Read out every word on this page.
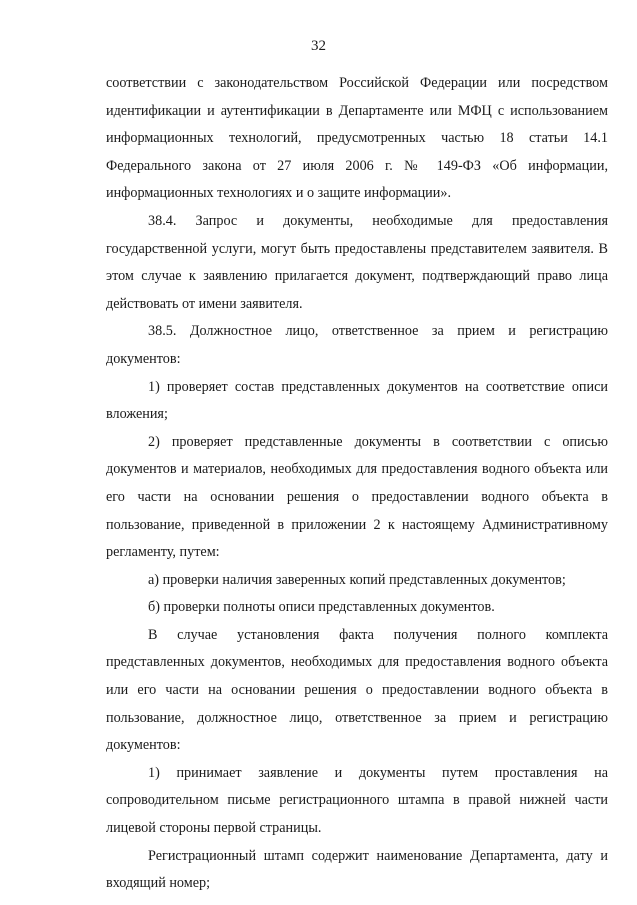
32

соответствии с законодательством Российской Федерации или посредством идентификации и аутентификации в Департаменте или МФЦ с использованием информационных технологий, предусмотренных частью 18 статьи 14.1 Федерального закона от 27 июля 2006 г. № 149-ФЗ «Об информации, информационных технологиях и о защите информации».

38.4. Запрос и документы, необходимые для предоставления государственной услуги, могут быть предоставлены представителем заявителя. В этом случае к заявлению прилагается документ, подтверждающий право лица действовать от имени заявителя.

38.5. Должностное лицо, ответственное за прием и регистрацию документов:

1) проверяет состав представленных документов на соответствие описи вложения;

2) проверяет представленные документы в соответствии с описью документов и материалов, необходимых для предоставления водного объекта или его части на основании решения о предоставлении водного объекта в пользование, приведенной в приложении 2 к настоящему Административному регламенту, путем:

а) проверки наличия заверенных копий представленных документов;

б) проверки полноты описи представленных документов.

В случае установления факта получения полного комплекта представленных документов, необходимых для предоставления водного объекта или его части на основании решения о предоставлении водного объекта в пользование, должностное лицо, ответственное за прием и регистрацию документов:

1) принимает заявление и документы путем проставления на сопроводительном письме регистрационного штампа в правой нижней части лицевой стороны первой страницы.

Регистрационный штамп содержит наименование Департамента, дату и входящий номер;
